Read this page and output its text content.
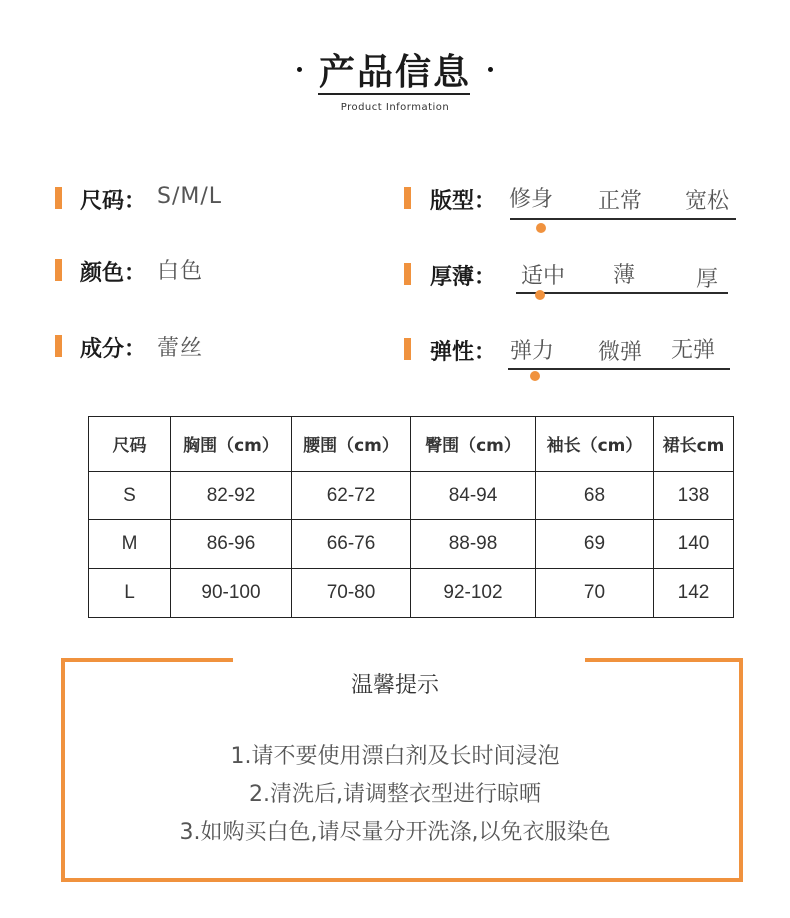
产品信息
Product Information
尺码： S/M/L
颜色： 白色
成分： 蕾丝
版型： 修身 正常 宽松
厚薄： 适中 薄	厚
弹性： 弹力 微弹 无弹
尺码	胸围（cm）	腰围（cm）	臀围（cm）	袖长（cm）	裙长cm
S	82-92	62-72	84-94	68	138
M	86-96	66-76	88-98	69	140
L	90-100	70-80	92-102	70	142
温馨提示
1.请不要使用漂白剂及长时间浸泡
2.清洗后,请调整衣型进行晾晒
3.如购买白色,请尽量分开洗涤,以免衣服染色
